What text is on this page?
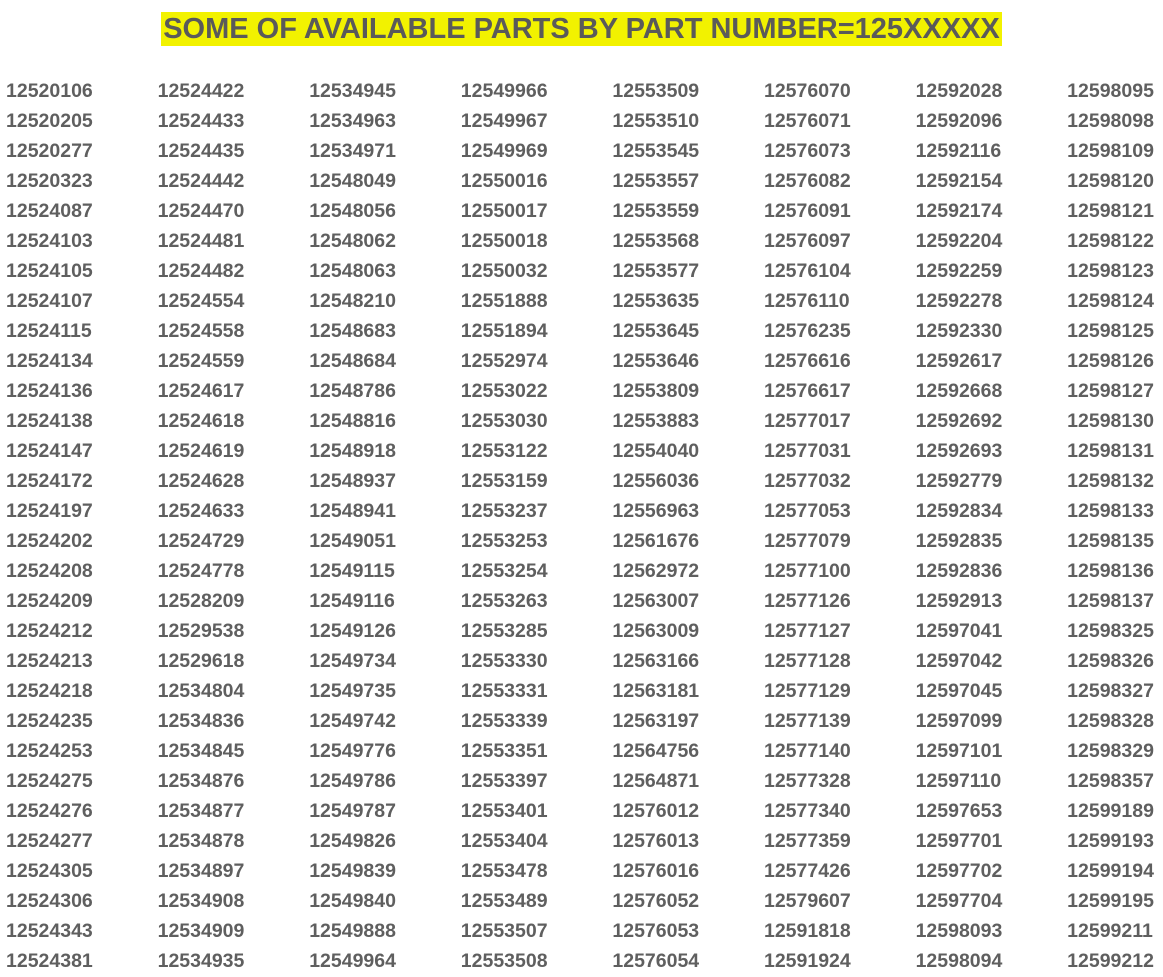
SOME OF AVAILABLE PARTS BY PART NUMBER=125XXXXX
12520106
12520205
12520277
12520323
12524087
12524103
12524105
12524107
12524115
12524134
12524136
12524138
12524147
12524172
12524197
12524202
12524208
12524209
12524212
12524213
12524218
12524235
12524253
12524275
12524276
12524277
12524305
12524306
12524343
12524381
12524422
12524433
12524435
12524442
12524470
12524481
12524482
12524554
12524558
12524559
12524617
12524618
12524619
12524628
12524633
12524729
12524778
12528209
12529538
12529618
12534804
12534836
12534845
12534876
12534877
12534878
12534897
12534908
12534909
12534935
12534945
12534963
12534971
12548049
12548056
12548062
12548063
12548210
12548683
12548684
12548786
12548816
12548918
12548937
12548941
12549051
12549115
12549116
12549126
12549734
12549735
12549742
12549776
12549786
12549787
12549826
12549839
12549840
12549888
12549964
12549966
12549967
12549969
12550016
12550017
12550018
12550032
12551888
12551894
12552974
12553022
12553030
12553122
12553159
12553237
12553253
12553254
12553263
12553285
12553330
12553331
12553339
12553351
12553397
12553401
12553404
12553478
12553489
12553507
12553508
12553509
12553510
12553545
12553557
12553559
12553568
12553577
12553635
12553645
12553646
12553809
12553883
12554040
12556036
12556963
12561676
12562972
12563007
12563009
12563166
12563181
12563197
12564756
12564871
12576012
12576013
12576016
12576052
12576053
12576054
12576070
12576071
12576073
12576082
12576091
12576097
12576104
12576110
12576235
12576616
12576617
12577017
12577031
12577032
12577053
12577079
12577100
12577126
12577127
12577128
12577129
12577139
12577140
12577328
12577340
12577359
12577426
12579607
12591818
12591924
12592028
12592096
12592116
12592154
12592174
12592204
12592259
12592278
12592330
12592617
12592668
12592692
12592693
12592779
12592834
12592835
12592836
12592913
12597041
12597042
12597045
12597099
12597101
12597110
12597653
12597701
12597702
12597704
12598093
12598094
12598095
12598098
12598109
12598120
12598121
12598122
12598123
12598124
12598125
12598126
12598127
12598130
12598131
12598132
12598133
12598135
12598136
12598137
12598325
12598326
12598327
12598328
12598329
12598357
12599189
12599193
12599194
12599195
12599211
12599212
